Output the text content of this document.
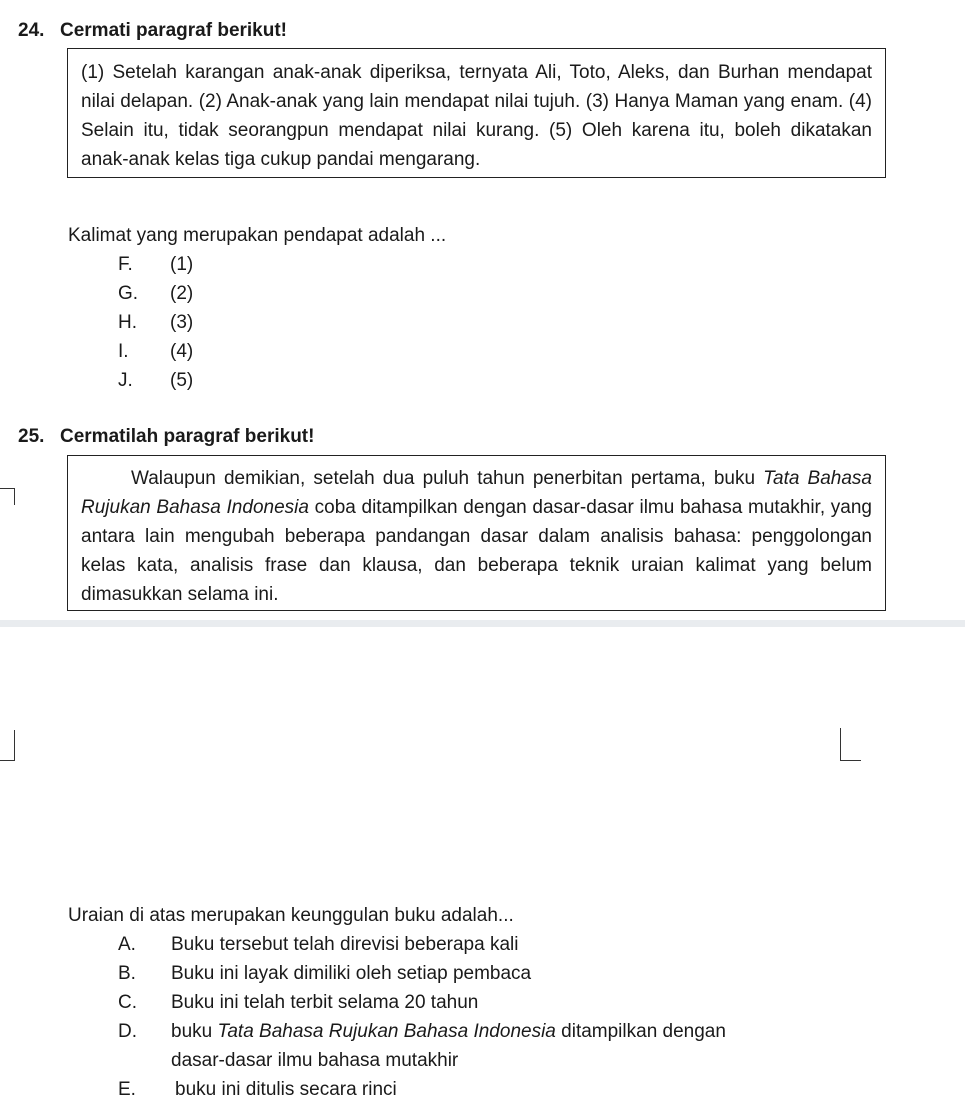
24. Cermati paragraf berikut!

(1) Setelah karangan anak-anak diperiksa, ternyata Ali, Toto, Aleks, dan Burhan mendapat nilai delapan. (2) Anak-anak yang lain mendapat nilai tujuh. (3) Hanya Maman yang enam. (4) Selain itu, tidak seorangpun mendapat nilai kurang. (5) Oleh karena itu, boleh dikatakan anak-anak kelas tiga cukup pandai mengarang.

Kalimat yang merupakan pendapat adalah ...
F. (1)
G. (2)
H. (3)
I. (4)
J. (5)
25. Cermatilah paragraf berikut!

Walaupun demikian, setelah dua puluh tahun penerbitan pertama, buku Tata Bahasa Rujukan Bahasa Indonesia coba ditampilkan dengan dasar-dasar ilmu bahasa mutakhir, yang antara lain mengubah beberapa pandangan dasar dalam analisis bahasa: penggolongan kelas kata, analisis frase dan klausa, dan beberapa teknik uraian kalimat yang belum dimasukkan selama ini.

Uraian di atas merupakan keunggulan buku adalah...
A. Buku tersebut telah direvisi beberapa kali
B. Buku ini layak dimiliki oleh setiap pembaca
C. Buku ini telah terbit selama 20 tahun
D. buku Tata Bahasa Rujukan Bahasa Indonesia ditampilkan dengan
dasar-dasar ilmu bahasa mutakhir
E. buku ini ditulis secara rinci
